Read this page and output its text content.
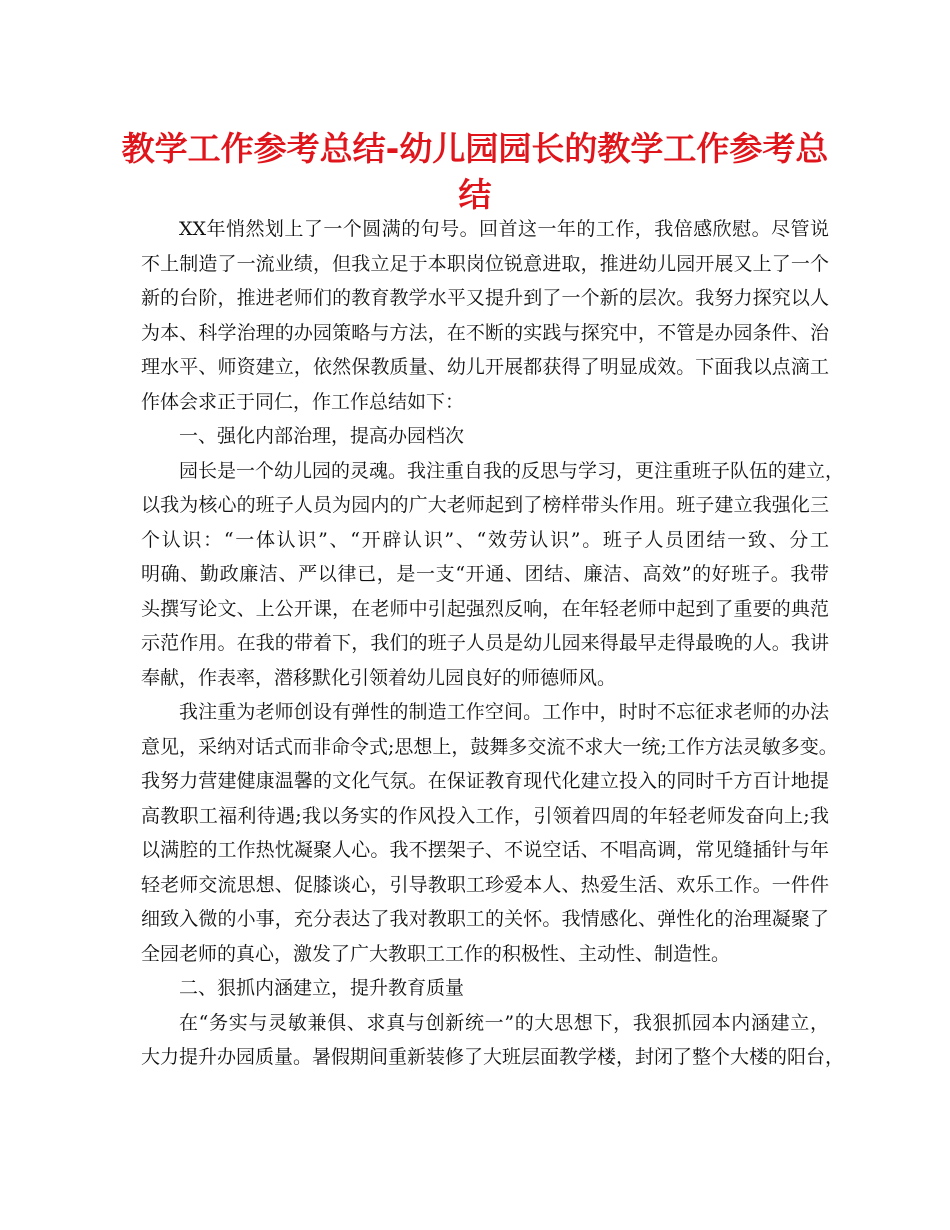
教学工作参考总结-幼儿园园长的教学工作参考总
结
XX年悄然划上了一个圆满的句号。回首这一年的工作，我倍感欣慰。尽管说
不上制造了一流业绩，但我立足于本职岗位锐意进取，推进幼儿园开展又上了一个
新的台阶，推进老师们的教育教学水平又提升到了一个新的层次。我努力探究以人
为本、科学治理的办园策略与方法，在不断的实践与探究中，不管是办园条件、治
理水平、师资建立，依然保教质量、幼儿开展都获得了明显成效。下面我以点滴工
作体会求正于同仁，作工作总结如下：
一、强化内部治理，提高办园档次
园长是一个幼儿园的灵魂。我注重自我的反思与学习，更注重班子队伍的建立，
以我为核心的班子人员为园内的广大老师起到了榜样带头作用。班子建立我强化三
个认识：“一体认识”、“开辟认识”、“效劳认识”。班子人员团结一致、分工
明确、勤政廉洁、严以律已，是一支“开通、团结、廉洁、高效”的好班子。我带
头撰写论文、上公开课，在老师中引起强烈反响，在年轻老师中起到了重要的典范
示范作用。在我的带着下，我们的班子人员是幼儿园来得最早走得最晚的人。我讲
奉献，作表率，潜移默化引领着幼儿园良好的师德师风。
我注重为老师创设有弹性的制造工作空间。工作中，时时不忘征求老师的办法
意见，采纳对话式而非命令式;思想上，鼓舞多交流不求大一统;工作方法灵敏多变。
我努力营建健康温馨的文化气氛。在保证教育现代化建立投入的同时千方百计地提
高教职工福利待遇;我以务实的作风投入工作，引领着四周的年轻老师发奋向上;我
以满腔的工作热忱凝聚人心。我不摆架子、不说空话、不唱高调，常见缝插针与年
轻老师交流思想、促膝谈心，引导教职工珍爱本人、热爱生活、欢乐工作。一件件
细致入微的小事，充分表达了我对教职工的关怀。我情感化、弹性化的治理凝聚了
全园老师的真心，激发了广大教职工工作的积极性、主动性、制造性。
二、狠抓内涵建立，提升教育质量
在“务实与灵敏兼俱、求真与创新统一”的大思想下，我狠抓园本内涵建立，
大力提升办园质量。暑假期间重新装修了大班层面教学楼，封闭了整个大楼的阳台，
